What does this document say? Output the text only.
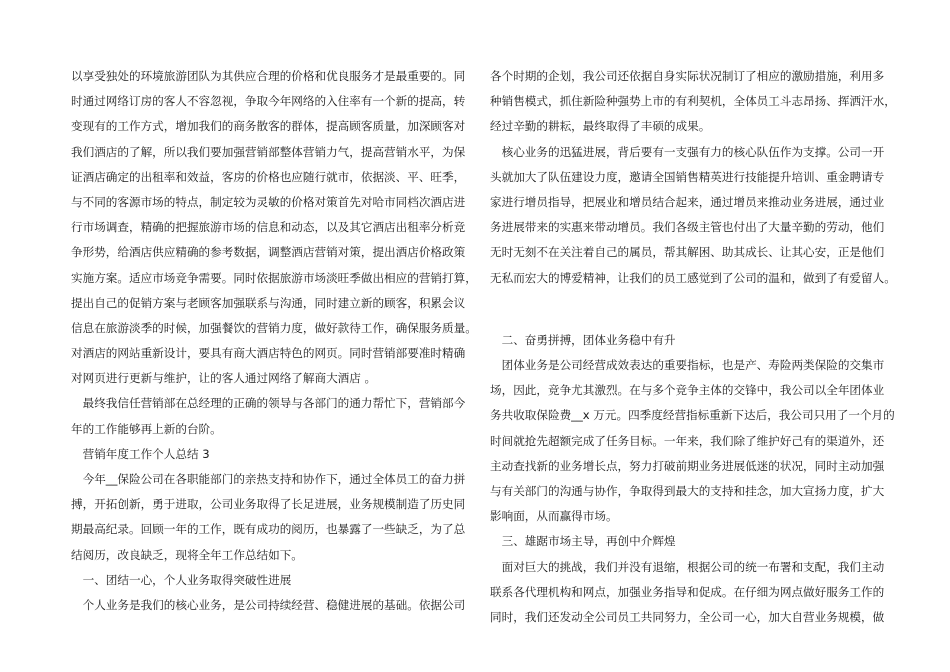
以享受独处的环境旅游团队为其供应合理的价格和优良服务才是最重要的。同
时通过网络订房的客人不容忽视，争取今年网络的入住率有一个新的提高，转
变现有的工作方式，增加我们的商务散客的群体，提高顾客质量，加深顾客对
我们酒店的了解，所以我们要加强营销部整体营销力气，提高营销水平，为保
证酒店确定的出租率和效益，客房的价格也应随行就市，依据淡、平、旺季，
与不同的客源市场的特点，制定较为灵敏的价格对策首先对哈市同档次酒店进
行市场调查，精确的把握旅游市场的信息和动态，以及其它酒店出租率分析竞
争形势，给酒店供应精确的参考数据，调整酒店营销对策，提出酒店价格政策
实施方案。适应市场竞争需要。同时依据旅游市场淡旺季做出相应的营销打算，
提出自己的促销方案与老顾客加强联系与沟通，同时建立新的顾客，积累会议
信息在旅游淡季的时候，加强餐饮的营销力度，做好款待工作，确保服务质量。
对酒店的网站重新设计，要具有商大酒店特色的网页。同时营销部要准时精确
对网页进行更新与维护，让的客人通过网络了解商大酒店 。
　最终我信任营销部在总经理的正确的领导与各部门的通力帮忙下，营销部今
年的工作能够再上新的台阶。
　营销年度工作个人总结 3
　今年__保险公司在各职能部门的亲热支持和协作下，通过全体员工的奋力拼
搏，开拓创新，勇于进取，公司业务取得了长足进展，业务规模制造了历史同
期最高纪录。回顾一年的工作，既有成功的阅历，也暴露了一些缺乏，为了总
结阅历，改良缺乏，现将全年工作总结如下。
　一、团结一心，个人业务取得突破性进展
　个人业务是我们的核心业务，是公司持续经营、稳健进展的基础。依据公司
各个时期的企划，我公司还依据自身实际状况制订了相应的激励措施，利用多
种销售模式，抓住新险种强势上市的有利契机，全体员工斗志昂扬、挥洒汗水，
经过辛勤的耕耘，最终取得了丰硕的成果。
　核心业务的迅猛进展，背后要有一支强有力的核心队伍作为支撑。公司一开
头就加大了队伍建设力度，邀请全国销售精英进行技能提升培训、重金聘请专
家进行增员指导，把展业和增员结合起来，通过增员来推动业务进展，通过业
务进展带来的实惠来带动增员。我们各级主管也付出了大量辛勤的劳动，他们
无时无刻不在关注着自己的属员，帮其解困、助其成长、让其心安，正是他们
无私而宏大的博爱精神，让我们的员工感觉到了公司的温和，做到了有爱留人。
　二、奋勇拼搏，团体业务稳中有升
　团体业务是公司经营成效表达的重要指标，也是产、寿险两类保险的交集市
场，因此，竞争尤其激烈。在与多个竞争主体的交锋中，我公司以全年团体业
务共收取保险费__x 万元。四季度经营指标重新下达后，我公司只用了一个月的
时间就抢先超额完成了任务目标。一年来，我们除了维护好己有的渠道外，还
主动查找新的业务增长点，努力打破前期业务进展低迷的状况，同时主动加强
与有关部门的沟通与协作，争取得到最大的支持和挂念，加大宣扬力度，扩大
影响面，从而赢得市场。
　三、雄踞市场主导，再创中介辉煌
　面对巨大的挑战，我们并没有退缩，根据公司的统一布署和支配，我们主动
联系各代理机构和网点，加强业务指导和促成。在仔细为网点做好服务工作的
同时，我们还发动全公司员工共同努力，全公司一心，加大自营业务规模，做
